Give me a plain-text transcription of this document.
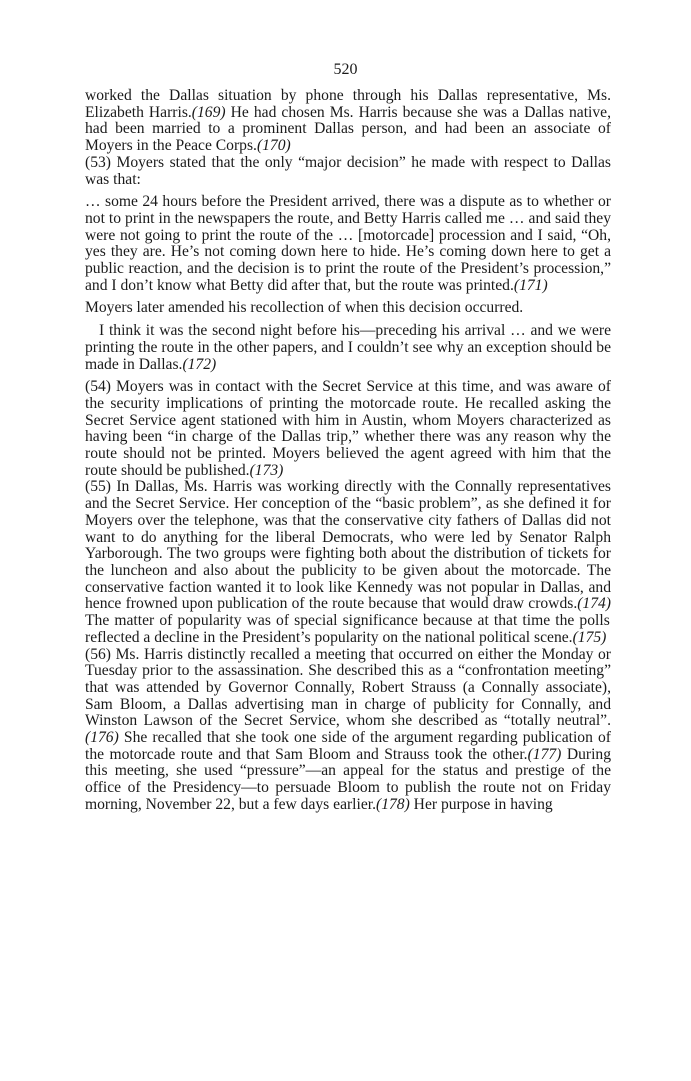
520

worked the Dallas situation by phone through his Dallas representative, Ms. Elizabeth Harris.(169) He had chosen Ms. Harris because she was a Dallas native, had been married to a prominent Dallas person, and had been an associate of Moyers in the Peace Corps.(170)

(53) Moyers stated that the only “major decision” he made with respect to Dallas was that:

… some 24 hours before the President arrived, there was a dispute as to whether or not to print in the newspapers the route, and Betty Harris called me … and said they were not going to print the route of the … [motorcade] procession and I said, “Oh, yes they are. He’s not coming down here to hide. He’s coming down here to get a public reaction, and the decision is to print the route of the President’s procession,” and I don’t know what Betty did after that, but the route was printed.(171)

Moyers later amended his recollection of when this decision occurred.

I think it was the second night before his—preceding his arrival … and we were printing the route in the other papers, and I couldn’t see why an exception should be made in Dallas.(172)

(54) Moyers was in contact with the Secret Service at this time, and was aware of the security implications of printing the motorcade route. He recalled asking the Secret Service agent stationed with him in Austin, whom Moyers characterized as having been “in charge of the Dallas trip,” whether there was any reason why the route should not be printed. Moyers believed the agent agreed with him that the route should be published.(173)

(55) In Dallas, Ms. Harris was working directly with the Connally representatives and the Secret Service. Her conception of the “basic problem”, as she defined it for Moyers over the telephone, was that the conservative city fathers of Dallas did not want to do anything for the liberal Democrats, who were led by Senator Ralph Yarborough. The two groups were fighting both about the distribution of tickets for the luncheon and also about the publicity to be given about the motorcade. The conservative faction wanted it to look like Kennedy was not popular in Dallas, and hence frowned upon publication of the route because that would draw crowds.(174) The matter of popularity was of special significance because at that time the polls reflected a decline in the President’s popularity on the national political scene.(175)

(56) Ms. Harris distinctly recalled a meeting that occurred on either the Monday or Tuesday prior to the assassination. She described this as a “confrontation meeting” that was attended by Governor Connally, Robert Strauss (a Connally associate), Sam Bloom, a Dallas advertising man in charge of publicity for Connally, and Winston Lawson of the Secret Service, whom she described as “totally neutral”.(176) She recalled that she took one side of the argument regarding publication of the motorcade route and that Sam Bloom and Strauss took the other.(177) During this meeting, she used “pressure”—an appeal for the status and prestige of the office of the Presidency—to persuade Bloom to publish the route not on Friday morning, November 22, but a few days earlier.(178) Her purpose in having
